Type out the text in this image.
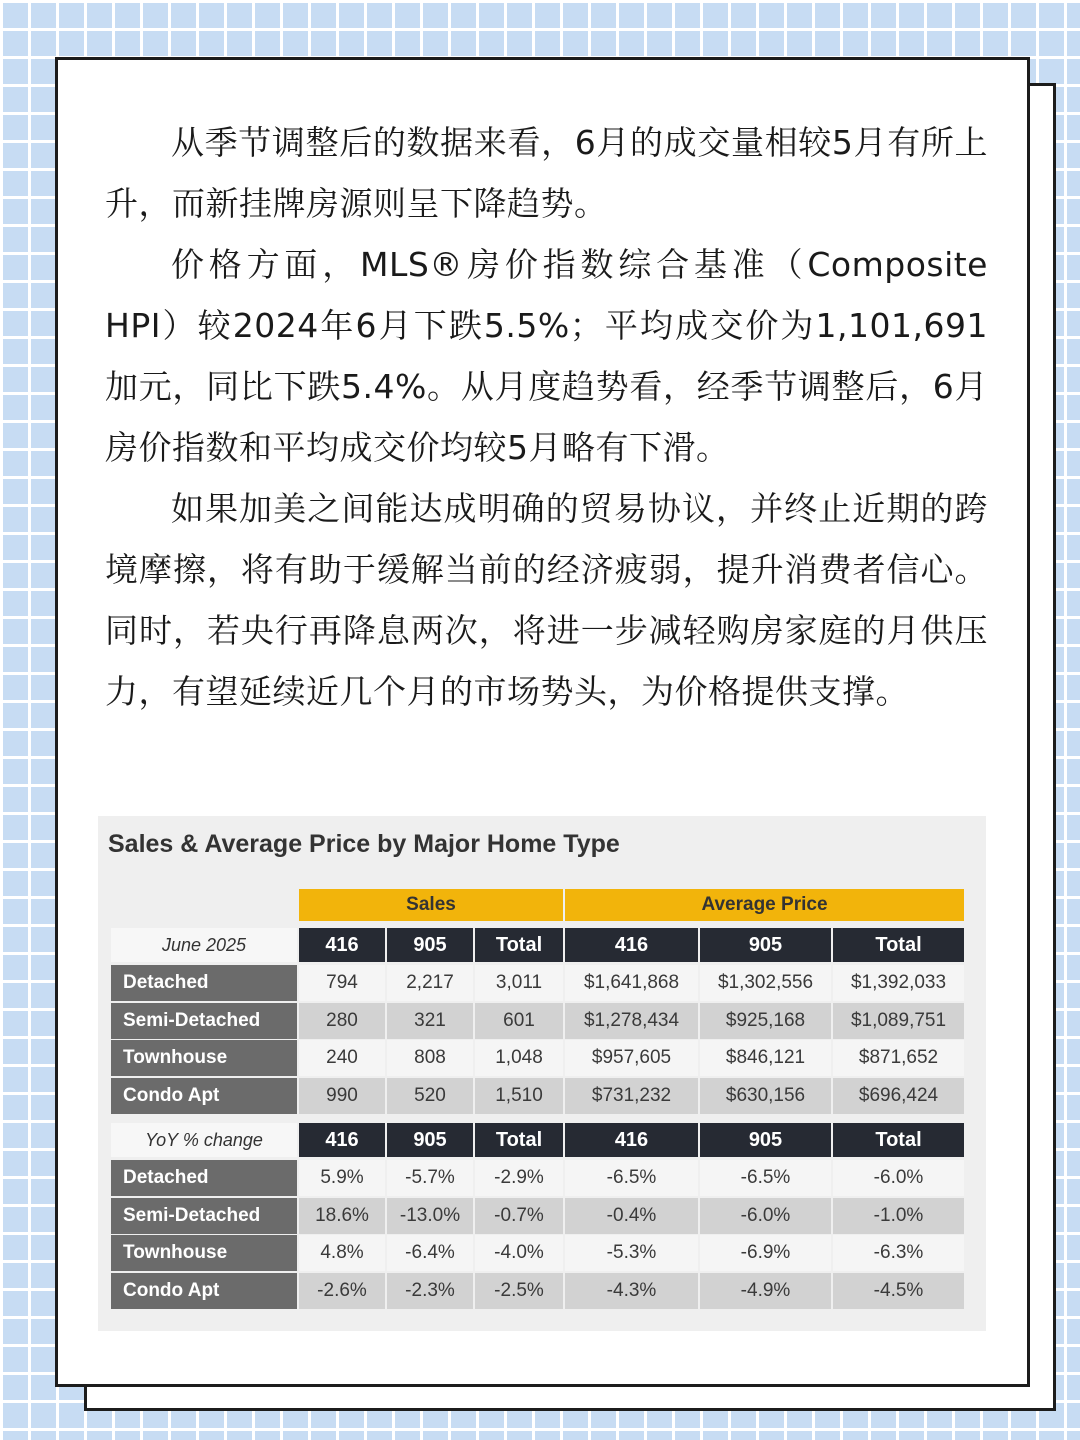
从季节调整后的数据来看，6月的成交量相较5月有所上升，而新挂牌房源则呈下降趋势。

价格方面，MLS®房价指数综合基准（Composite HPI）较2024年6月下跌5.5%；平均成交价为1,101,691加元，同比下跌5.4%。从月度趋势看，经季节调整后，6月房价指数和平均成交价均较5月略有下滑。

如果加美之间能达成明确的贸易协议，并终止近期的跨境摩擦，将有助于缓解当前的经济疲弱，提升消费者信心。同时，若央行再降息两次，将进一步减轻购房家庭的月供压力，有望延续近几个月的市场势头，为价格提供支撑。

Sales & Average Price by Major Home Type
Sales	Average Price
June 2025	416	905	Total	416	905	Total
Detached	794	2,217	3,011	$1,641,868	$1,302,556	$1,392,033
Semi-Detached	280	321	601	$1,278,434	$925,168	$1,089,751
Townhouse	240	808	1,048	$957,605	$846,121	$871,652
Condo Apt	990	520	1,510	$731,232	$630,156	$696,424
YoY % change	416	905	Total	416	905	Total
Detached	5.9%	-5.7%	-2.9%	-6.5%	-6.5%	-6.0%
Semi-Detached	18.6%	-13.0%	-0.7%	-0.4%	-6.0%	-1.0%
Townhouse	4.8%	-6.4%	-4.0%	-5.3%	-6.9%	-6.3%
Condo Apt	-2.6%	-2.3%	-2.5%	-4.3%	-4.9%	-4.5%
